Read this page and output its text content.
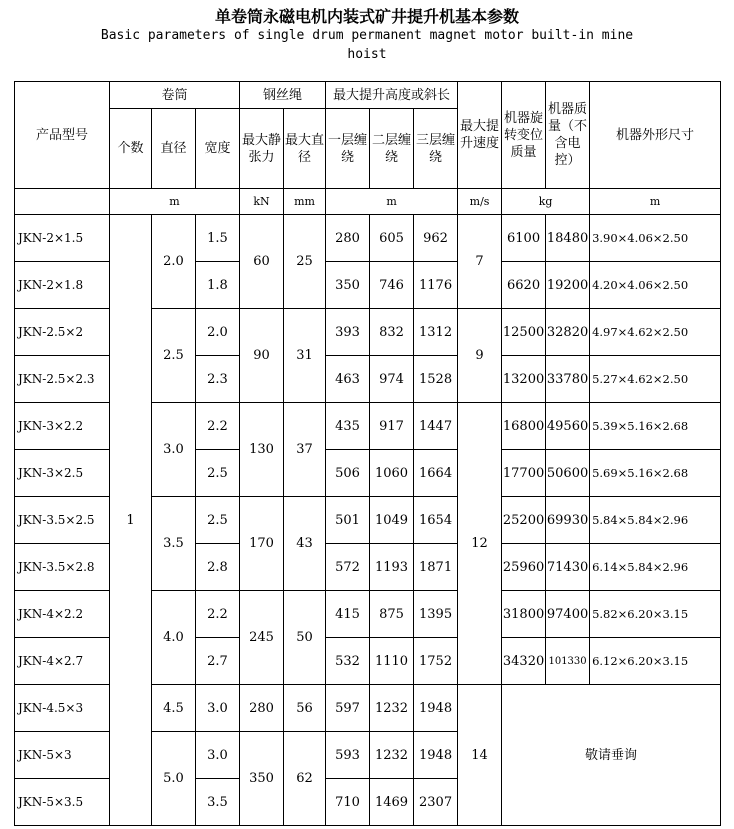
单卷筒永磁电机内装式矿井提升机基本参数
Basic parameters of single drum permanent magnet motor built-in mine hoist
产品型号	卷筒			钢丝绳		最大提升高度或斜长			最大提升速度	机器旋转变位质量	机器质量（不含电控）	机器外形尺寸
	个数	直径	宽度	最大静张力	最大直径	一层缠绕	二层缠绕	三层缠绕				
	m			kN	mm	m			m/s	kg		m
JKN-2×1.5	1	2.0	1.5	60	25	280	605	962	7	6100	18480	3.90×4.06×2.50
JKN-2×1.8			1.8			350	746	1176		6620	19200	4.20×4.06×2.50
JKN-2.5×2		2.5	2.0	90	31	393	832	1312	9	12500	32820	4.97×4.62×2.50
JKN-2.5×2.3			2.3			463	974	1528		13200	33780	5.27×4.62×2.50
JKN-3×2.2		3.0	2.2	130	37	435	917	1447	12	16800	49560	5.39×5.16×2.68
JKN-3×2.5			2.5			506	1060	1664		17700	50600	5.69×5.16×2.68
JKN-3.5×2.5		3.5	2.5	170	43	501	1049	1654		25200	69930	5.84×5.84×2.96
JKN-3.5×2.8			2.8			572	1193	1871		25960	71430	6.14×5.84×2.96
JKN-4×2.2		4.0	2.2	245	50	415	875	1395		31800	97400	5.82×6.20×3.15
JKN-4×2.7			2.7			532	1110	1752		34320	101330	6.12×6.20×3.15
JKN-4.5×3		4.5	3.0	280	56	597	1232	1948	14	敬请垂询		
JKN-5×3		5.0	3.0	350	62	593	1232	1948				
JKN-5×3.5			3.5			710	1469	2307				
